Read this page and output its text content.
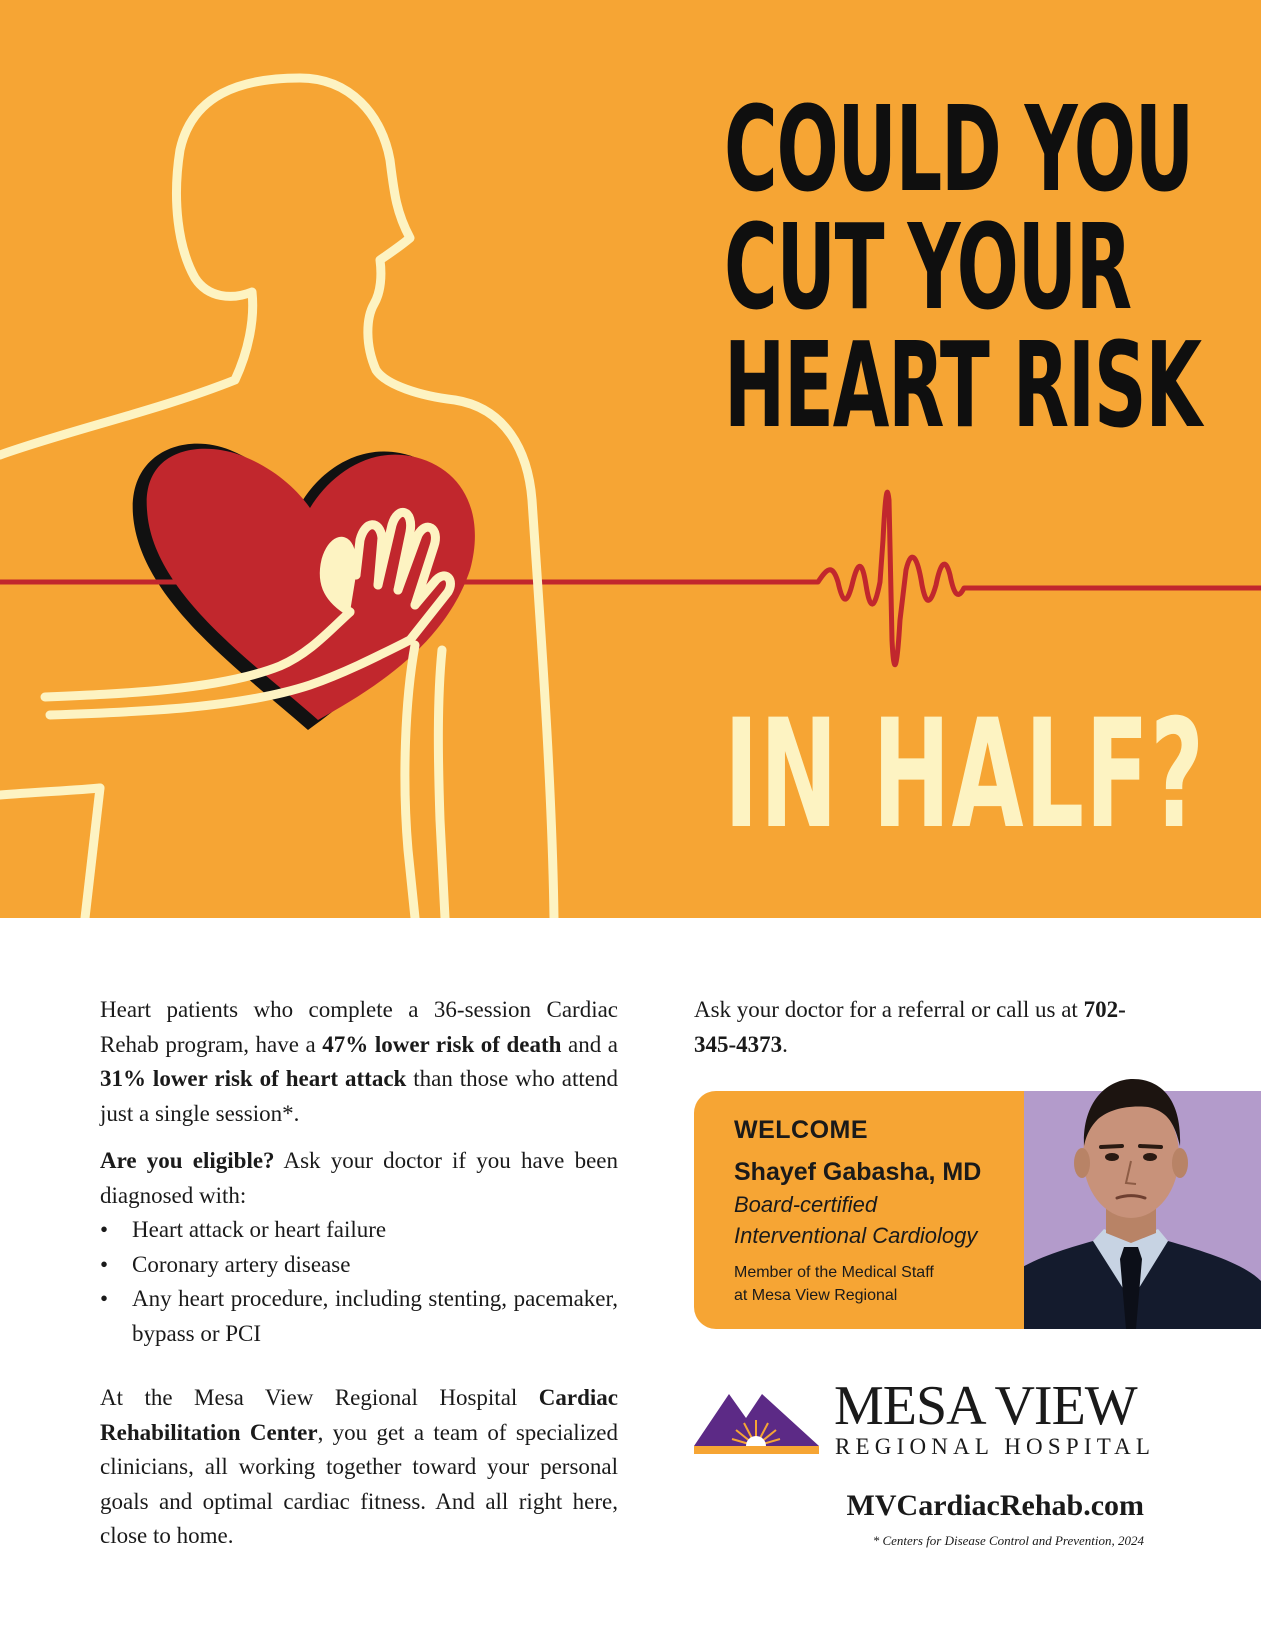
COULD YOU
CUT YOUR
HEART RISK
IN HALF?

Heart patients who complete a 36-session Cardiac Rehab program, have a 47% lower risk of death and a 31% lower risk of heart attack than those who attend just a single session*.

Are you eligible? Ask your doctor if you have been diagnosed with:

• Heart attack or heart failure
• Coronary artery disease
• Any heart procedure, including stenting, pacemaker, bypass or PCI

At the Mesa View Regional Hospital Cardiac Rehabilitation Center, you get a team of specialized clinicians, all working together toward your personal goals and optimal cardiac fitness. And all right here, close to home.

Ask your doctor for a referral or call us at 702-345-4373.

WELCOME
Shayef Gabasha, MD
Board-certified
Interventional Cardiology
Member of the Medical Staff
at Mesa View Regional
MESA VIEW
REGIONAL HOSPITAL
MVCardiacRehab.com
* Centers for Disease Control and Prevention, 2024
